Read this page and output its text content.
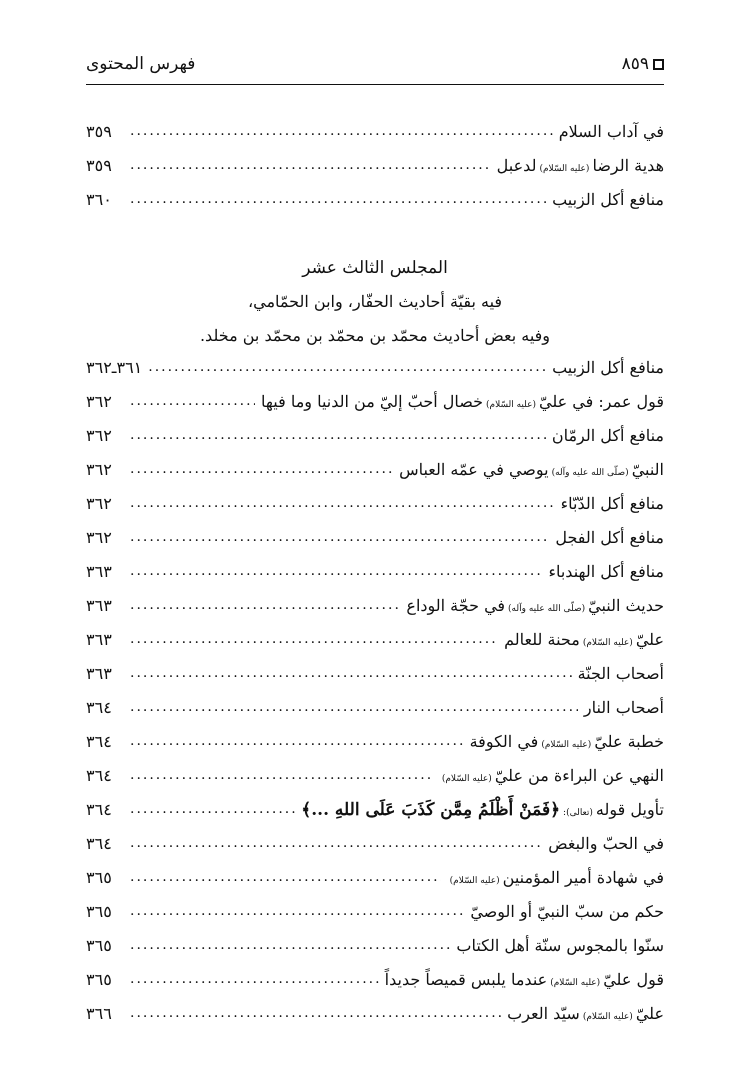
فهرس المحتوى	٨٥٩
في آداب السلام
.....
٣٥٩
هدية الرضا(عليه السّلام)لدعبل
.....
٣٥٩
منافع أكل الزبيب
.....
٣٦٠

المجلس الثالث عشر

فيه بقيّة أحاديث الحفّار، وابن الحمّامي،

وفيه بعض أحاديث محمّد بن محمّد بن محمّد بن مخلد.

منافع أكل الزبيب
.....
٣٦١ـ٣٦٢
قول عمر: في عليّ(عليه السّلام)خصال أحبّ إليّ من الدنيا وما فيها
.....
٣٦٢
منافع أكل الرمّان
.....
٣٦٢
النبيّ(صلّى الله عليه وآله)يوصي في عمّه العباس
.....
٣٦٢
منافع أكل الدّبّاء
.....
٣٦٢
منافع أكل الفجل
.....
٣٦٢
منافع أكل الهندباء
.....
٣٦٣
حديث النبيّ(صلّى الله عليه وآله)في حجّة الوداع
.....
٣٦٣
عليّ(عليه السّلام)محنة للعالم
.....
٣٦٣
أصحاب الجنّة
.....
٣٦٣
أصحاب النار
.....
٣٦٤
خطبة عليّ(عليه السّلام)في الكوفة
.....
٣٦٤
النهي عن البراءة من عليّ(عليه السّلام)
.....
٣٦٤
تأويل قوله(تعالى):﴿فَمَنْ أَظْلَمُ مِمَّن كَذَبَ عَلَى اللهِ ...﴾
.....
٣٦٤
في الحبّ والبغض
.....
٣٦٤
في شهادة أمير المؤمنين(عليه السّلام)
.....
٣٦٥
حكم من سبّ النبيّ أو الوصيّ
.....
٣٦٥
سنّوا بالمجوس سنّة أهل الكتاب
.....
٣٦٥
قول عليّ(عليه السّلام)عندما يلبس قميصاً جديداً
.....
٣٦٥
عليّ(عليه السّلام)سيّد العرب
.....
٣٦٦
